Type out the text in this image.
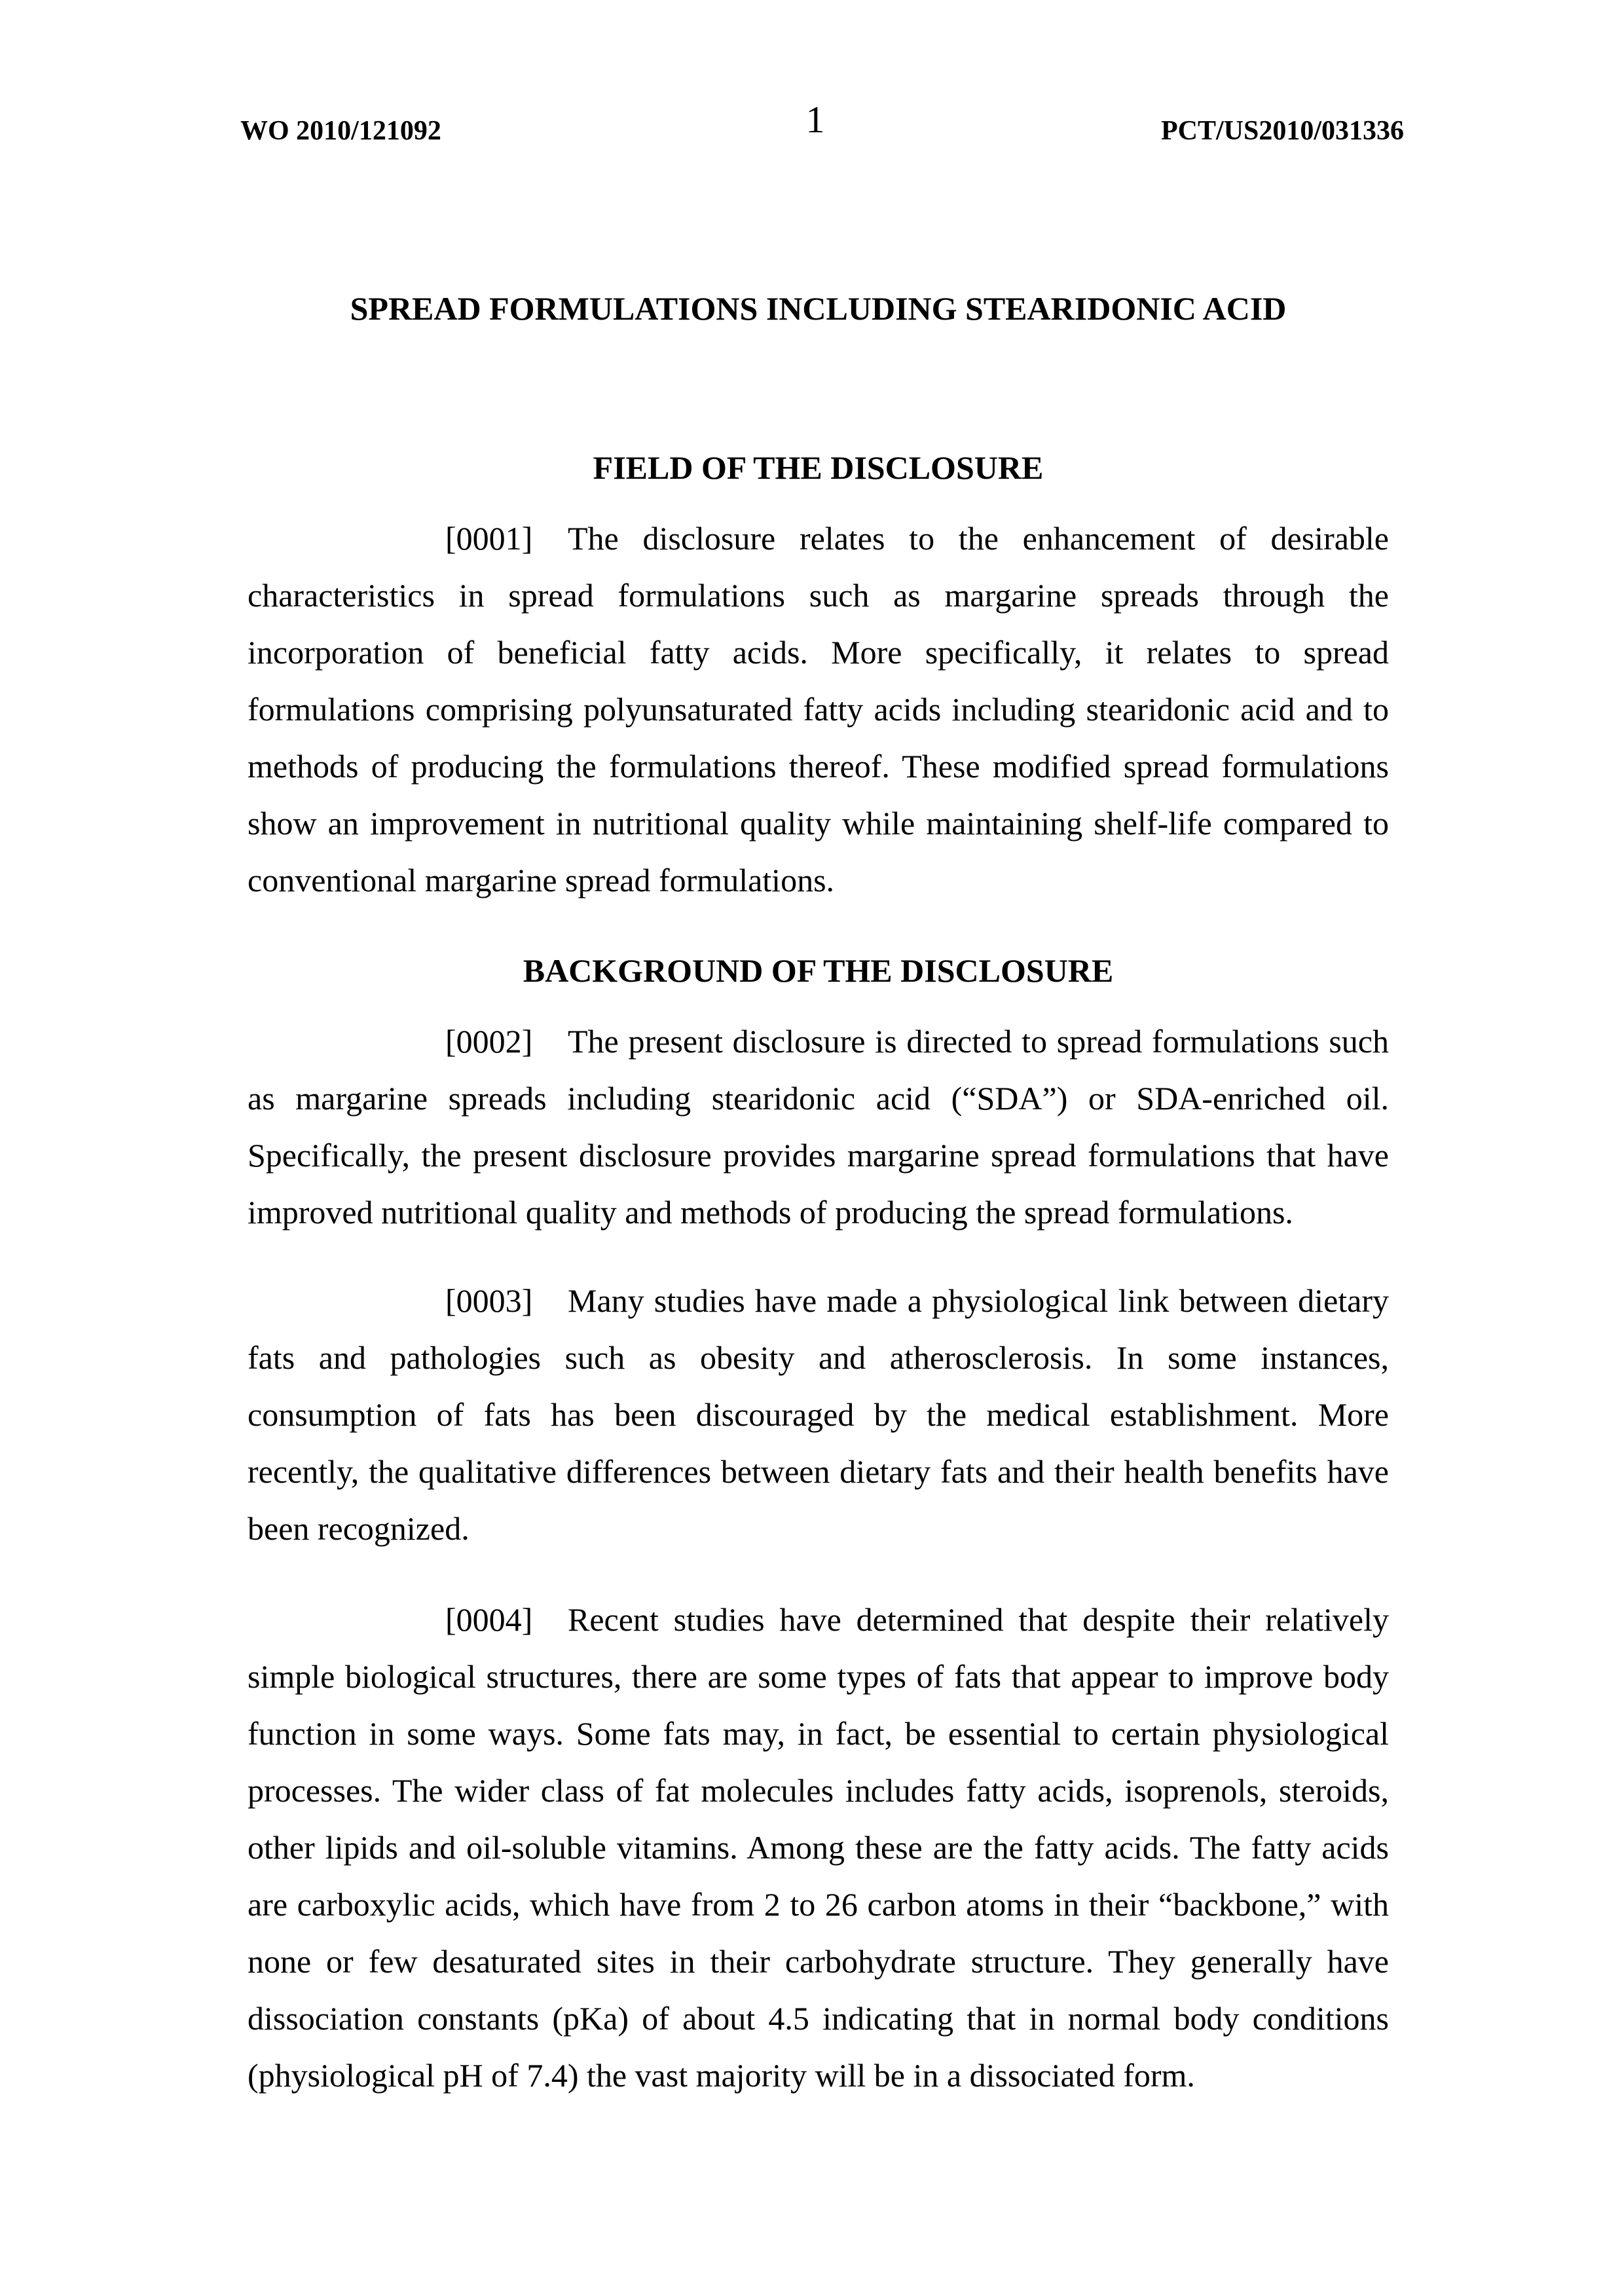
WO 2010/121092	1	PCT/US2010/031336
SPREAD FORMULATIONS INCLUDING STEARIDONIC ACID
FIELD OF THE DISCLOSURE
[0001] The disclosure relates to the enhancement of desirable
characteristics in spread formulations such as margarine spreads through the
incorporation of beneficial fatty acids. More specifically, it relates to spread
formulations comprising polyunsaturated fatty acids including stearidonic acid and to
methods of producing the formulations thereof. These modified spread formulations
show an improvement in nutritional quality while maintaining shelf-life compared to
conventional margarine spread formulations.
BACKGROUND OF THE DISCLOSURE
[0002] The present disclosure is directed to spread formulations such
as margarine spreads including stearidonic acid (“SDA”) or SDA-enriched oil.
Specifically, the present disclosure provides margarine spread formulations that have
improved nutritional quality and methods of producing the spread formulations.
[0003] Many studies have made a physiological link between dietary
fats and pathologies such as obesity and atherosclerosis. In some instances,
consumption of fats has been discouraged by the medical establishment. More
recently, the qualitative differences between dietary fats and their health benefits have
been recognized.
[0004] Recent studies have determined that despite their relatively
simple biological structures, there are some types of fats that appear to improve body
function in some ways. Some fats may, in fact, be essential to certain physiological
processes. The wider class of fat molecules includes fatty acids, isoprenols, steroids,
other lipids and oil-soluble vitamins. Among these are the fatty acids. The fatty acids
are carboxylic acids, which have from 2 to 26 carbon atoms in their “backbone,” with
none or few desaturated sites in their carbohydrate structure. They generally have
dissociation constants (pKa) of about 4.5 indicating that in normal body conditions
(physiological pH of 7.4) the vast majority will be in a dissociated form.
